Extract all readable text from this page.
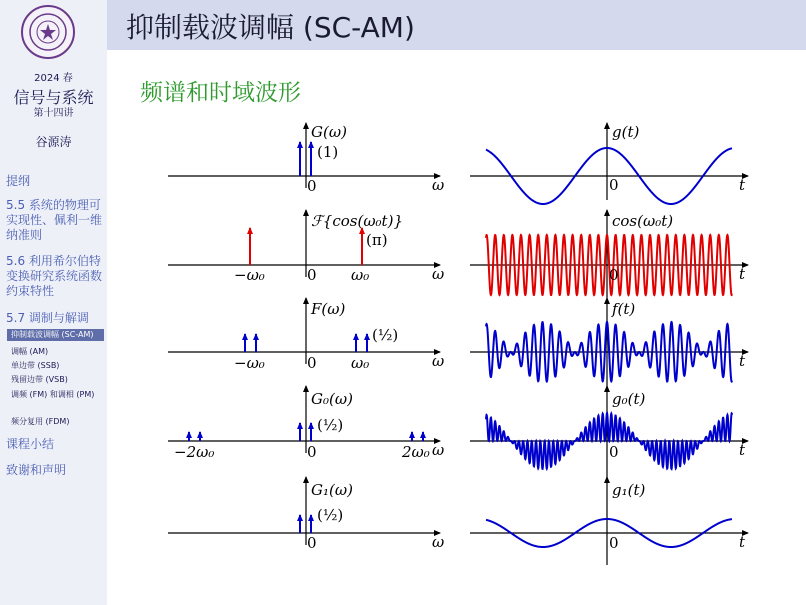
抑制载波调幅 (SC-AM)
2024 春
信号与系统
第十四讲
谷源涛
提纲
5.5 系统的物理可实现性、佩利一维纳准则
5.6 利用希尔伯特变换研究系统函数约束特性
5.7 调制与解调
抑制载波调幅 (SC-AM)
调幅 (AM)
单边带 (SSB)
残留边带 (VSB)
调频 (FM) 和调相 (PM)
频分复用 (FDM)
课程小结
致谢和声明
频谱和时域波形
G(ω)
(1)
0	ω
ℱ{cos(ω₀t)}
(π)
−ω₀	0 ω₀	ω
F(ω)
(½)
−ω₀	0 ω₀	ω
G₀(ω)
(½)
−2ω₀	0	2ω₀ ω
G₁(ω)
(½)
0	ω
g(t)
0	t
cos(ω₀t)
0	t
f(t)
t
g₀(t)
0	t
g₁(t)
0	t
